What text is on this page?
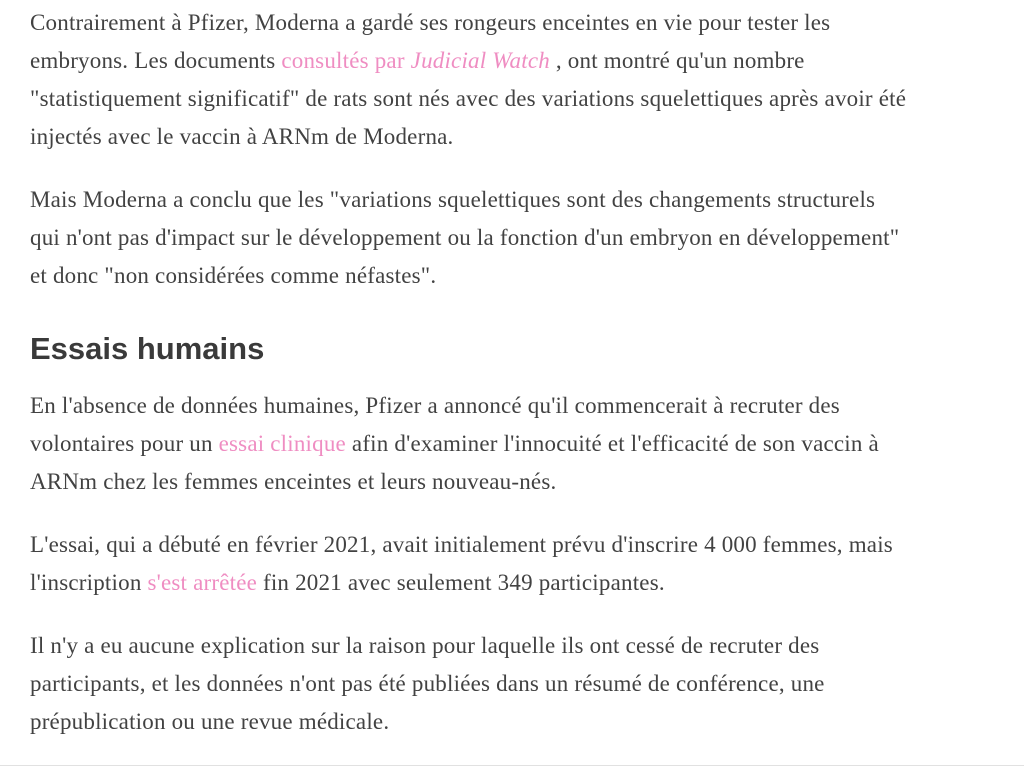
Contrairement à Pfizer, Moderna a gardé ses rongeurs enceintes en vie pour tester les embryons. Les documents consultés par Judicial Watch , ont montré qu'un nombre "statistiquement significatif" de rats sont nés avec des variations squelettiques après avoir été injectés avec le vaccin à ARNm de Moderna.

Mais Moderna a conclu que les "variations squelettiques sont des changements structurels qui n'ont pas d'impact sur le développement ou la fonction d'un embryon en développement" et donc "non considérées comme néfastes".

Essais humains

En l'absence de données humaines, Pfizer a annoncé qu'il commencerait à recruter des volontaires pour un essai clinique afin d'examiner l'innocuité et l'efficacité de son vaccin à ARNm chez les femmes enceintes et leurs nouveau-nés.

L'essai, qui a débuté en février 2021, avait initialement prévu d'inscrire 4 000 femmes, mais l'inscription s'est arrêtée fin 2021 avec seulement 349 participantes.

Il n'y a eu aucune explication sur la raison pour laquelle ils ont cessé de recruter des participants, et les données n'ont pas été publiées dans un résumé de conférence, une prépublication ou une revue médicale.
